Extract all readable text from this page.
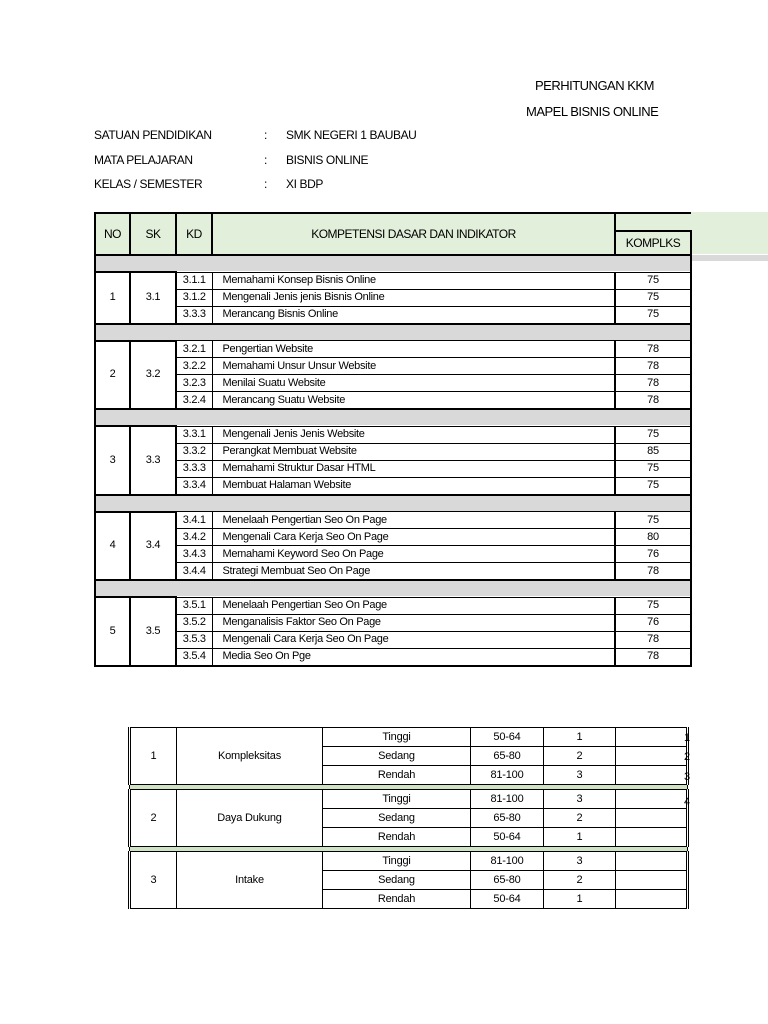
PERHITUNGAN KKM
MAPEL BISNIS ONLINE
SATUAN PENDIDIKAN	: SMK NEGERI 1 BAUBAU
MATA PELAJARAN	: BISNIS ONLINE
KELAS / SEMESTER	: XI BDP
NO	SK	KD	KOMPETENSI DASAR DAN INDIKATOR	
				KOMPLKS

1	3.1	3.1.1	Memahami Konsep Bisnis Online	75
		3.1.2	Mengenali Jenis jenis Bisnis Online	75
		3.3.3	Merancang Bisnis Online	75

2	3.2	3.2.1	Pengertian Website	78
		3.2.2	Memahami Unsur Unsur Website	78
		3.2.3	Menilai Suatu Website	78
		3.2.4	Merancang Suatu Website	78

3	3.3	3.3.1	Mengenali Jenis Jenis Website	75
		3.3.2	Perangkat Membuat Website	85
		3.3.3	Memahami Struktur Dasar HTML	75
		3.3.4	Membuat Halaman Website	75

4	3.4	3.4.1	Menelaah Pengertian Seo On Page	75
		3.4.2	Mengenali Cara Kerja Seo On Page	80
		3.4.3	Memahami Keyword Seo On Page	76
		3.4.4	Strategi Membuat Seo On Page	78

5	3.5	3.5.1	Menelaah Pengertian Seo On Page	75
		3.5.2	Menganalisis Faktor Seo On Page	76
		3.5.3	Mengenali Cara Kerja Seo On Page	78
		3.5.4	Media Seo On Pge	78
1	Kompleksitas	Tinggi	50-64	1	
		Sedang	65-80	2	
		Rendah	81-100	3	

2	Daya Dukung	Tinggi	81-100	3	
		Sedang	65-80	2	
		Rendah	50-64	1	

3	Intake	Tinggi	81-100	3	
		Sedang	65-80	2	
		Rendah	50-64	1	
1
2
3
4
